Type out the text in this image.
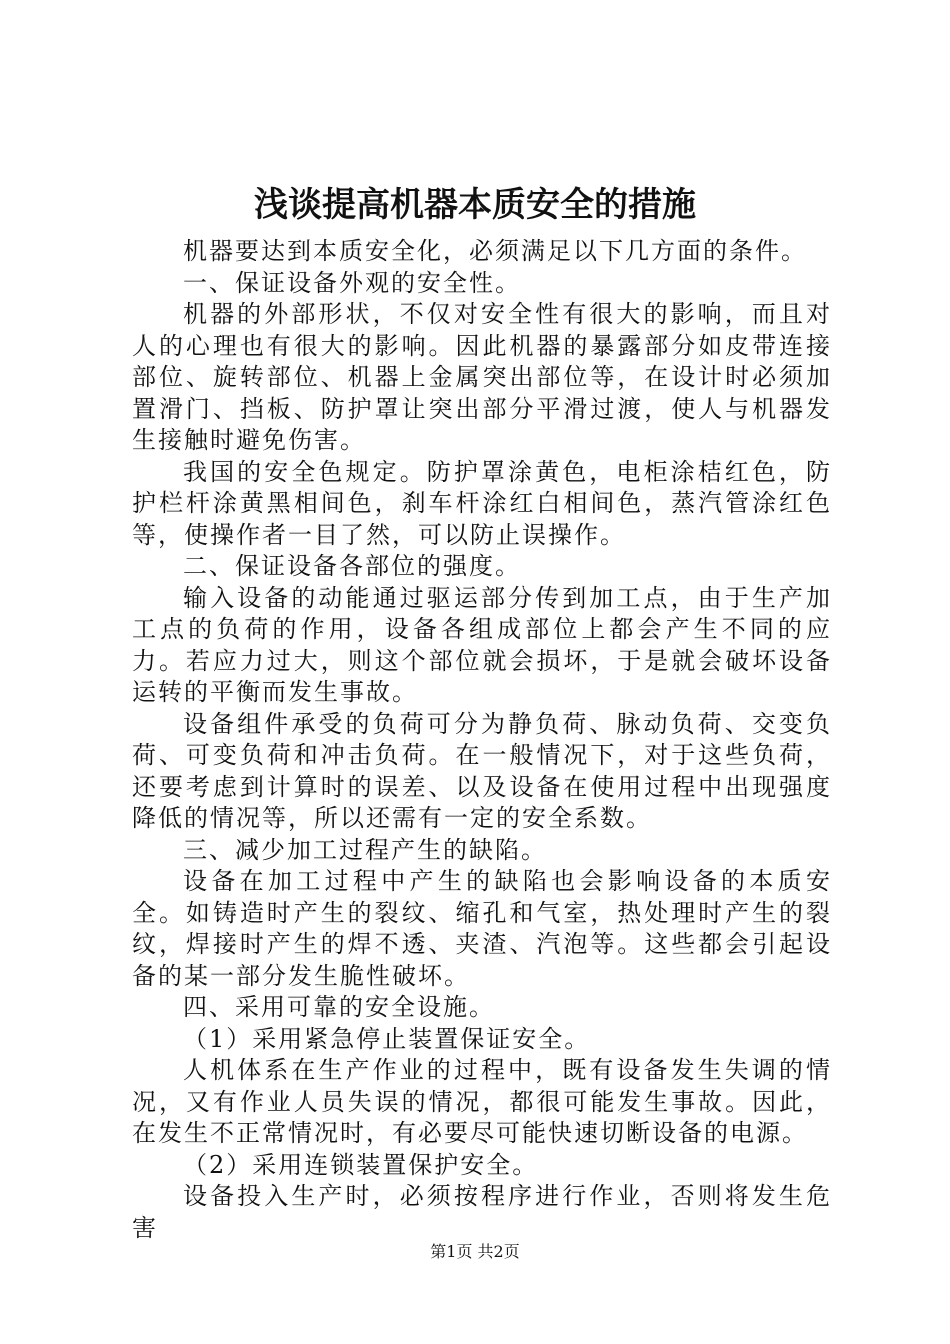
浅谈提高机器本质安全的措施

机器要达到本质安全化，必须满足以下几方面的条件。

一、保证设备外观的安全性。

机器的外部形状，不仅对安全性有很大的影响，而且对人的心理也有很大的影响。因此机器的暴露部分如皮带连接部位、旋转部位、机器上金属突出部位等，在设计时必须加置滑门、挡板、防护罩让突出部分平滑过渡，使人与机器发生接触时避免伤害。

我国的安全色规定。防护罩涂黄色，电柜涂桔红色，防护栏杆涂黄黑相间色，刹车杆涂红白相间色，蒸汽管涂红色等，使操作者一目了然，可以防止误操作。

二、保证设备各部位的强度。

输入设备的动能通过驱运部分传到加工点，由于生产加工点的负荷的作用，设备各组成部位上都会产生不同的应力。若应力过大，则这个部位就会损坏，于是就会破坏设备运转的平衡而发生事故。

设备组件承受的负荷可分为静负荷、脉动负荷、交变负荷、可变负荷和冲击负荷。在一般情况下，对于这些负荷，还要考虑到计算时的误差、以及设备在使用过程中出现强度降低的情况等，所以还需有一定的安全系数。

三、减少加工过程产生的缺陷。

设备在加工过程中产生的缺陷也会影响设备的本质安全。如铸造时产生的裂纹、缩孔和气室，热处理时产生的裂纹，焊接时产生的焊不透、夹渣、汽泡等。这些都会引起设备的某一部分发生脆性破坏。

四、采用可靠的安全设施。

（1）采用紧急停止装置保证安全。

人机体系在生产作业的过程中，既有设备发生失调的情况，又有作业人员失误的情况，都很可能发生事故。因此，在发生不正常情况时，有必要尽可能快速切断设备的电源。

（2）采用连锁装置保护安全。

设备投入生产时，必须按程序进行作业，否则将发生危害

第1页 共2页
